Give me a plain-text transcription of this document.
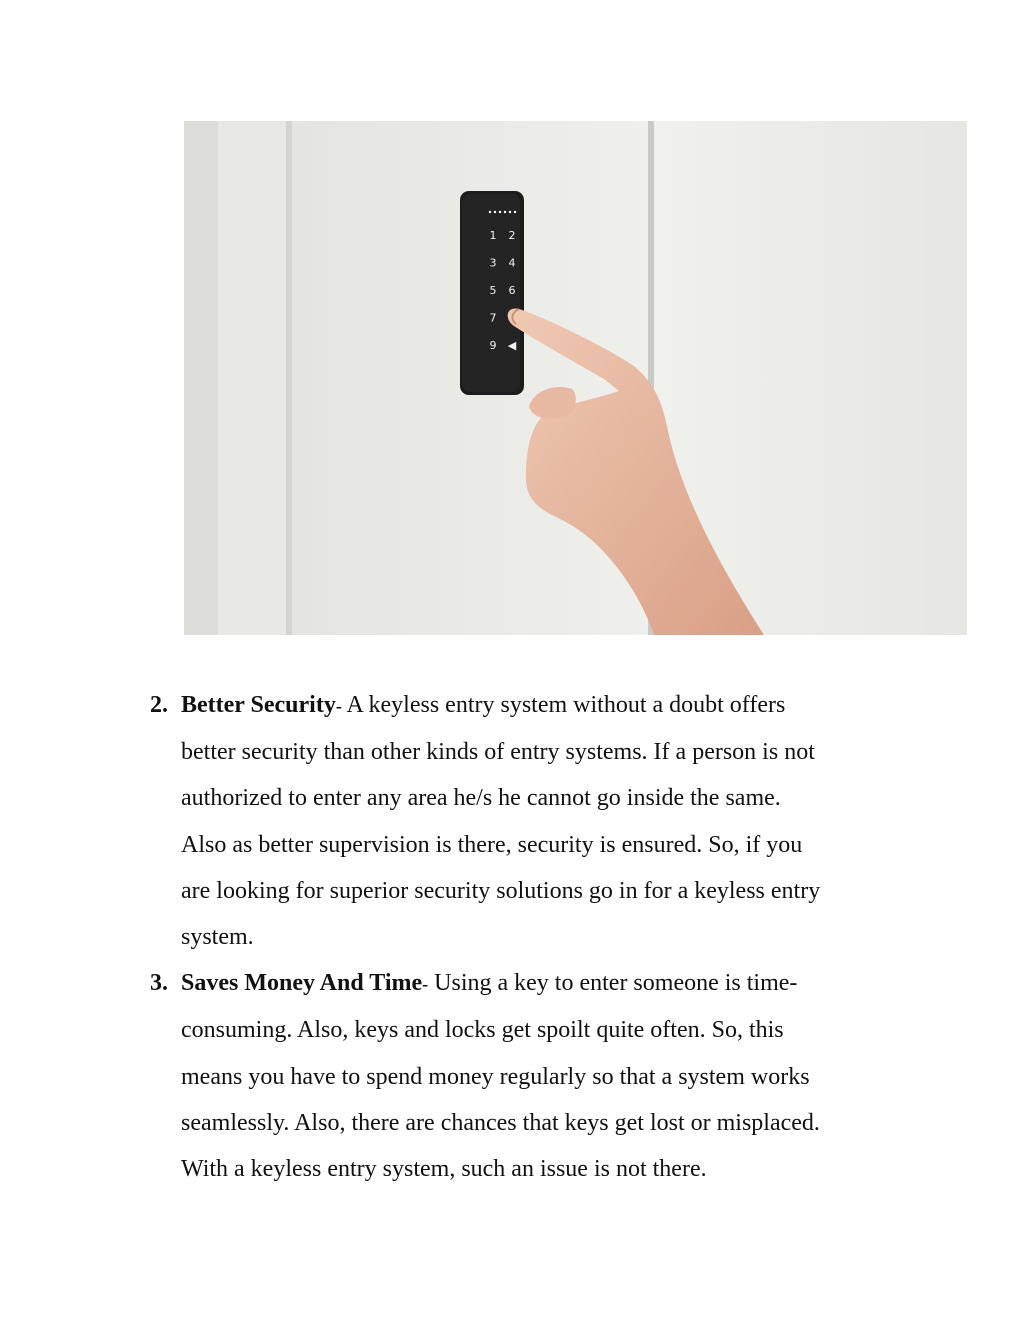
1 2
3 4
5 6
7
9 ◀
2. Better Security- A keyless entry system without a doubt offers
better security than other kinds of entry systems. If a person is not
authorized to enter any area he/s he cannot go inside the same.
Also as better supervision is there, security is ensured. So, if you
are looking for superior security solutions go in for a keyless entry
system.
3. Saves Money And Time- Using a key to enter someone is time-
consuming. Also, keys and locks get spoilt quite often. So, this
means you have to spend money regularly so that a system works
seamlessly. Also, there are chances that keys get lost or misplaced.
With a keyless entry system, such an issue is not there.
